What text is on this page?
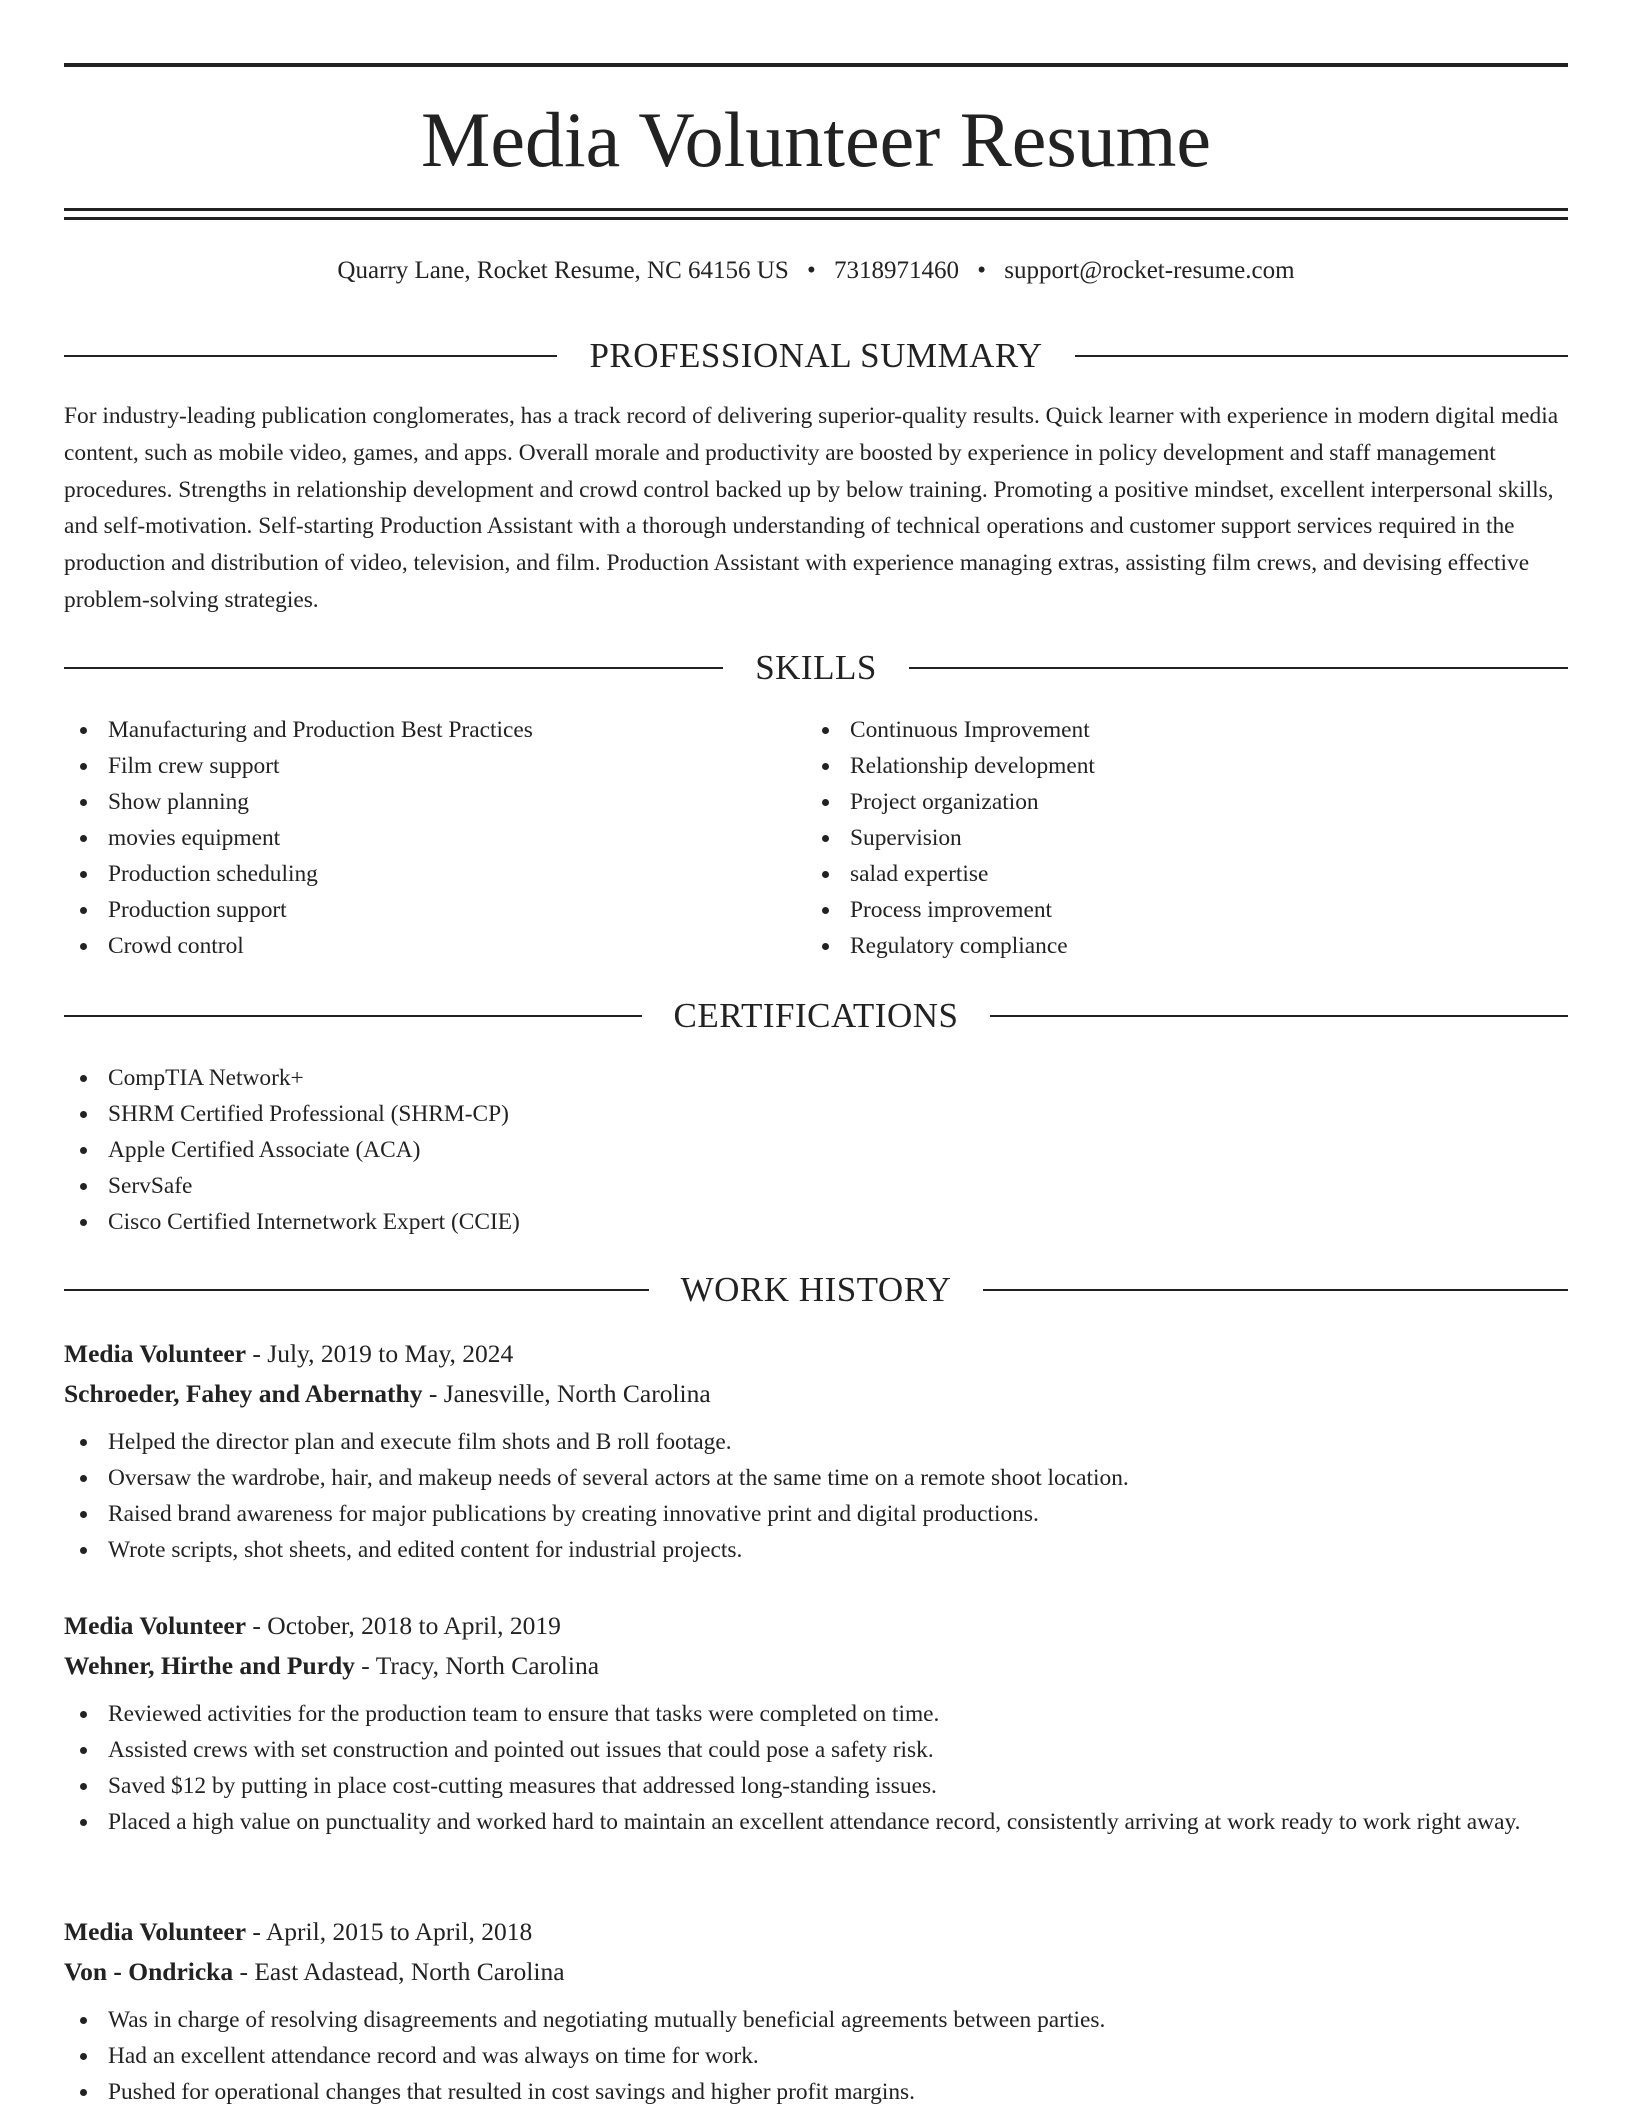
Media Volunteer Resume
Quarry Lane, Rocket Resume, NC 64156 US • 7318971460 • support@rocket-resume.com
PROFESSIONAL SUMMARY

For industry-leading publication conglomerates, has a track record of delivering superior-quality results. Quick learner with experience in modern digital media content, such as mobile video, games, and apps. Overall morale and productivity are boosted by experience in policy development and staff management procedures. Strengths in relationship development and crowd control backed up by below training. Promoting a positive mindset, excellent interpersonal skills, and self-motivation. Self-starting Production Assistant with a thorough understanding of technical operations and customer support services required in the production and distribution of video, television, and film. Production Assistant with experience managing extras, assisting film crews, and devising effective problem-solving strategies.

SKILLS
Manufacturing and Production Best Practices
Film crew support
Show planning
movies equipment
Production scheduling
Production support
Crowd control
Continuous Improvement
Relationship development
Project organization
Supervision
salad expertise
Process improvement
Regulatory compliance
CERTIFICATIONS
CompTIA Network+
SHRM Certified Professional (SHRM-CP)
Apple Certified Associate (ACA)
ServSafe
Cisco Certified Internetwork Expert (CCIE)
WORK HISTORY
Media Volunteer - July, 2019 to May, 2024
Schroeder, Fahey and Abernathy - Janesville, North Carolina
Helped the director plan and execute film shots and B roll footage.
Oversaw the wardrobe, hair, and makeup needs of several actors at the same time on a remote shoot location.
Raised brand awareness for major publications by creating innovative print and digital productions.
Wrote scripts, shot sheets, and edited content for industrial projects.
Media Volunteer - October, 2018 to April, 2019
Wehner, Hirthe and Purdy - Tracy, North Carolina
Reviewed activities for the production team to ensure that tasks were completed on time.
Assisted crews with set construction and pointed out issues that could pose a safety risk.
Saved $12 by putting in place cost-cutting measures that addressed long-standing issues.
Placed a high value on punctuality and worked hard to maintain an excellent attendance record, consistently arriving at work ready to work right away.
Media Volunteer - April, 2015 to April, 2018
Von - Ondricka - East Adastead, North Carolina
Was in charge of resolving disagreements and negotiating mutually beneficial agreements between parties.
Had an excellent attendance record and was always on time for work.
Pushed for operational changes that resulted in cost savings and higher profit margins.
